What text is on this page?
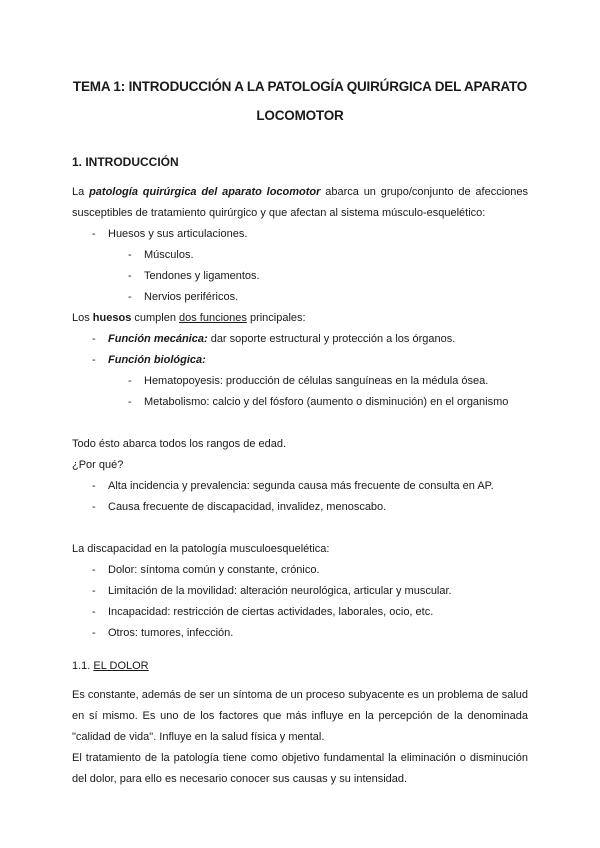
TEMA 1: INTRODUCCIÓN A LA PATOLOGÍA QUIRÚRGICA DEL APARATO
LOCOMOTOR
1. INTRODUCCIÓN

La patología quirúrgica del aparato locomotor abarca un grupo/conjunto de afecciones susceptibles de tratamiento quirúrgico y que afectan al sistema músculo-esquelético:

- Huesos y sus articulaciones.
- Músculos.
- Tendones y ligamentos.
- Nervios periféricos.

Los huesos cumplen dos funciones principales:

- Función mecánica: dar soporte estructural y protección a los órganos.
- Función biológica:
- Hematopoyesis: producción de células sanguíneas en la médula ósea.
- Metabolismo: calcio y del fósforo (aumento o disminución) en el organismo

Todo ésto abarca todos los rangos de edad.

¿Por qué?

- Alta incidencia y prevalencia: segunda causa más frecuente de consulta en AP.
- Causa frecuente de discapacidad, invalidez, menoscabo.

La discapacidad en la patología musculoesquelética:

- Dolor: síntoma común y constante, crónico.
- Limitación de la movilidad: alteración neurológica, articular y muscular.
- Incapacidad: restricción de ciertas actividades, laborales, ocio, etc.
- Otros: tumores, infección.

1.1. EL DOLOR

Es constante, además de ser un síntoma de un proceso subyacente es un problema de salud en sí mismo. Es uno de los factores que más influye en la percepción de la denominada "calidad de vida". Influye en la salud física y mental.

El tratamiento de la patología tiene como objetivo fundamental la eliminación o disminución del dolor, para ello es necesario conocer sus causas y su intensidad.
